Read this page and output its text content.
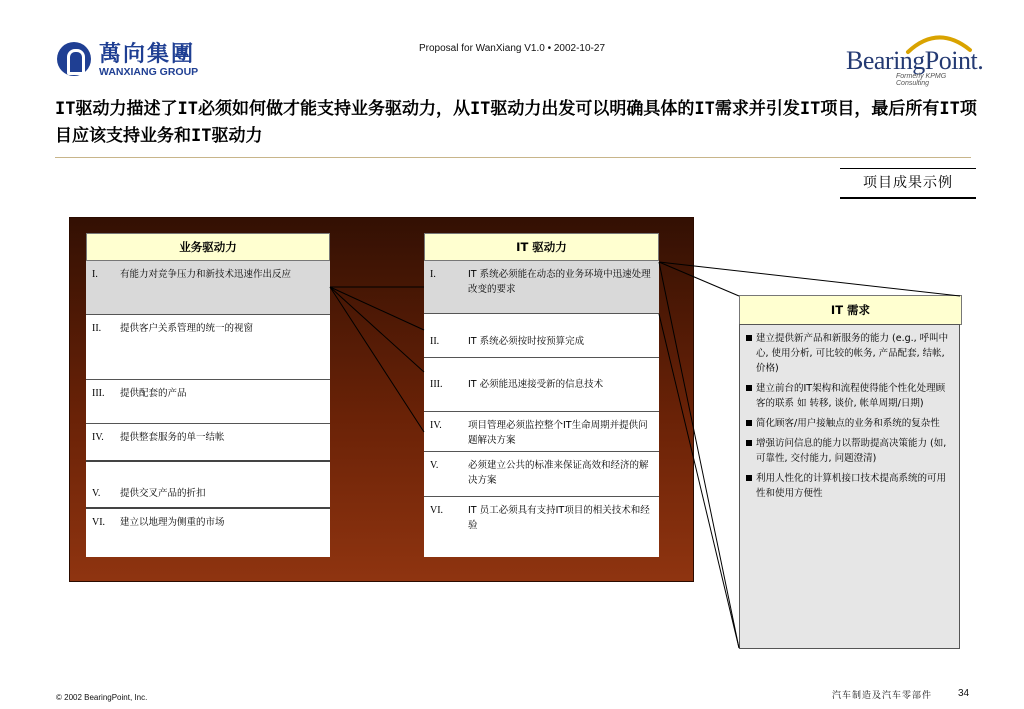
萬向集團
WANXIANG GROUP
Proposal for WanXiang V1.0 • 2002-10-27	BearingPoint.
Formerly KPMG Consulting
IT驱动力描述了IT必须如何做才能支持业务驱动力，从IT驱动力出发可以明确具体的IT需求并引发IT项目，最后所有IT项目应该支持业务和IT驱动力
项目成果示例
业务驱动力
I. 有能力对竞争压力和新技术迅速作出反应
II. 提供客户关系管理的统一的视窗
III. 提供配套的产品
IV. 提供整套服务的单一结帐
V. 提供交叉产品的折扣
VI. 建立以地理为侧重的市场
IT 驱动力
I.	IT 系统必须能在动态的业务环境中迅速处理改变的要求
II.	IT 系统必须按时按预算完成
III.	IT 必须能迅速接受新的信息技术
IV.	项目管理必须监控整个IT生命周期并提供问题解决方案
V.	必须建立公共的标准来保证高效和经济的解决方案
VI.	IT 员工必须具有支持IT项目的相关技术和经验
IT 需求
建立提供新产品和新服务的能力 (e.g., 呼叫中心, 使用分析, 可比较的帐务, 产品配套, 结帐, 价格)
建立前台的IT架构和流程使得能个性化处理顾客的联系 如 转移, 谈价, 帐单周期/日期)
简化顾客/用户接触点的业务和系统的复杂性
增强访问信息的能力以帮助提高决策能力 (如, 可靠性, 交付能力, 问题澄清)
利用人性化的计算机接口技术提高系统的可用性和使用方便性
© 2002 BearingPoint, Inc.	汽车制造及汽车零部件	34
